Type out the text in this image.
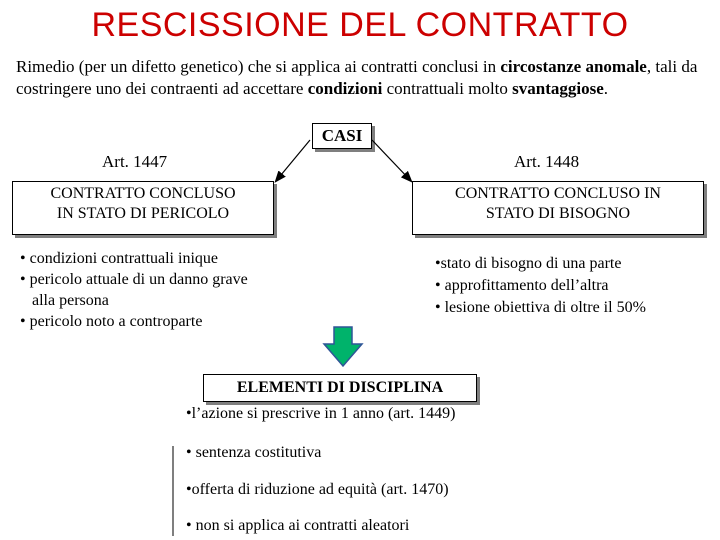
RESCISSIONE DEL CONTRATTO
Rimedio (per un difetto genetico) che si applica ai contratti conclusi in circostanze anomale, tali da costringere uno dei contraenti ad accettare condizioni contrattuali molto svantaggiose.
CASI
Art. 1447	Art. 1448
CONTRATTO CONCLUSO
IN STATO DI PERICOLO
CONTRATTO CONCLUSO IN
STATO DI BISOGNO
• condizioni contrattuali inique
• pericolo attuale di un danno grave
alla persona
• pericolo noto a controparte
•stato di bisogno di una parte
• approfittamento dell’altra
• lesione obiettiva di oltre il 50%
ELEMENTI DI DISCIPLINA
•l’azione si prescrive in 1 anno (art. 1449)
• sentenza costitutiva
•offerta di riduzione ad equità (art. 1470)
• non si applica ai contratti aleatori
